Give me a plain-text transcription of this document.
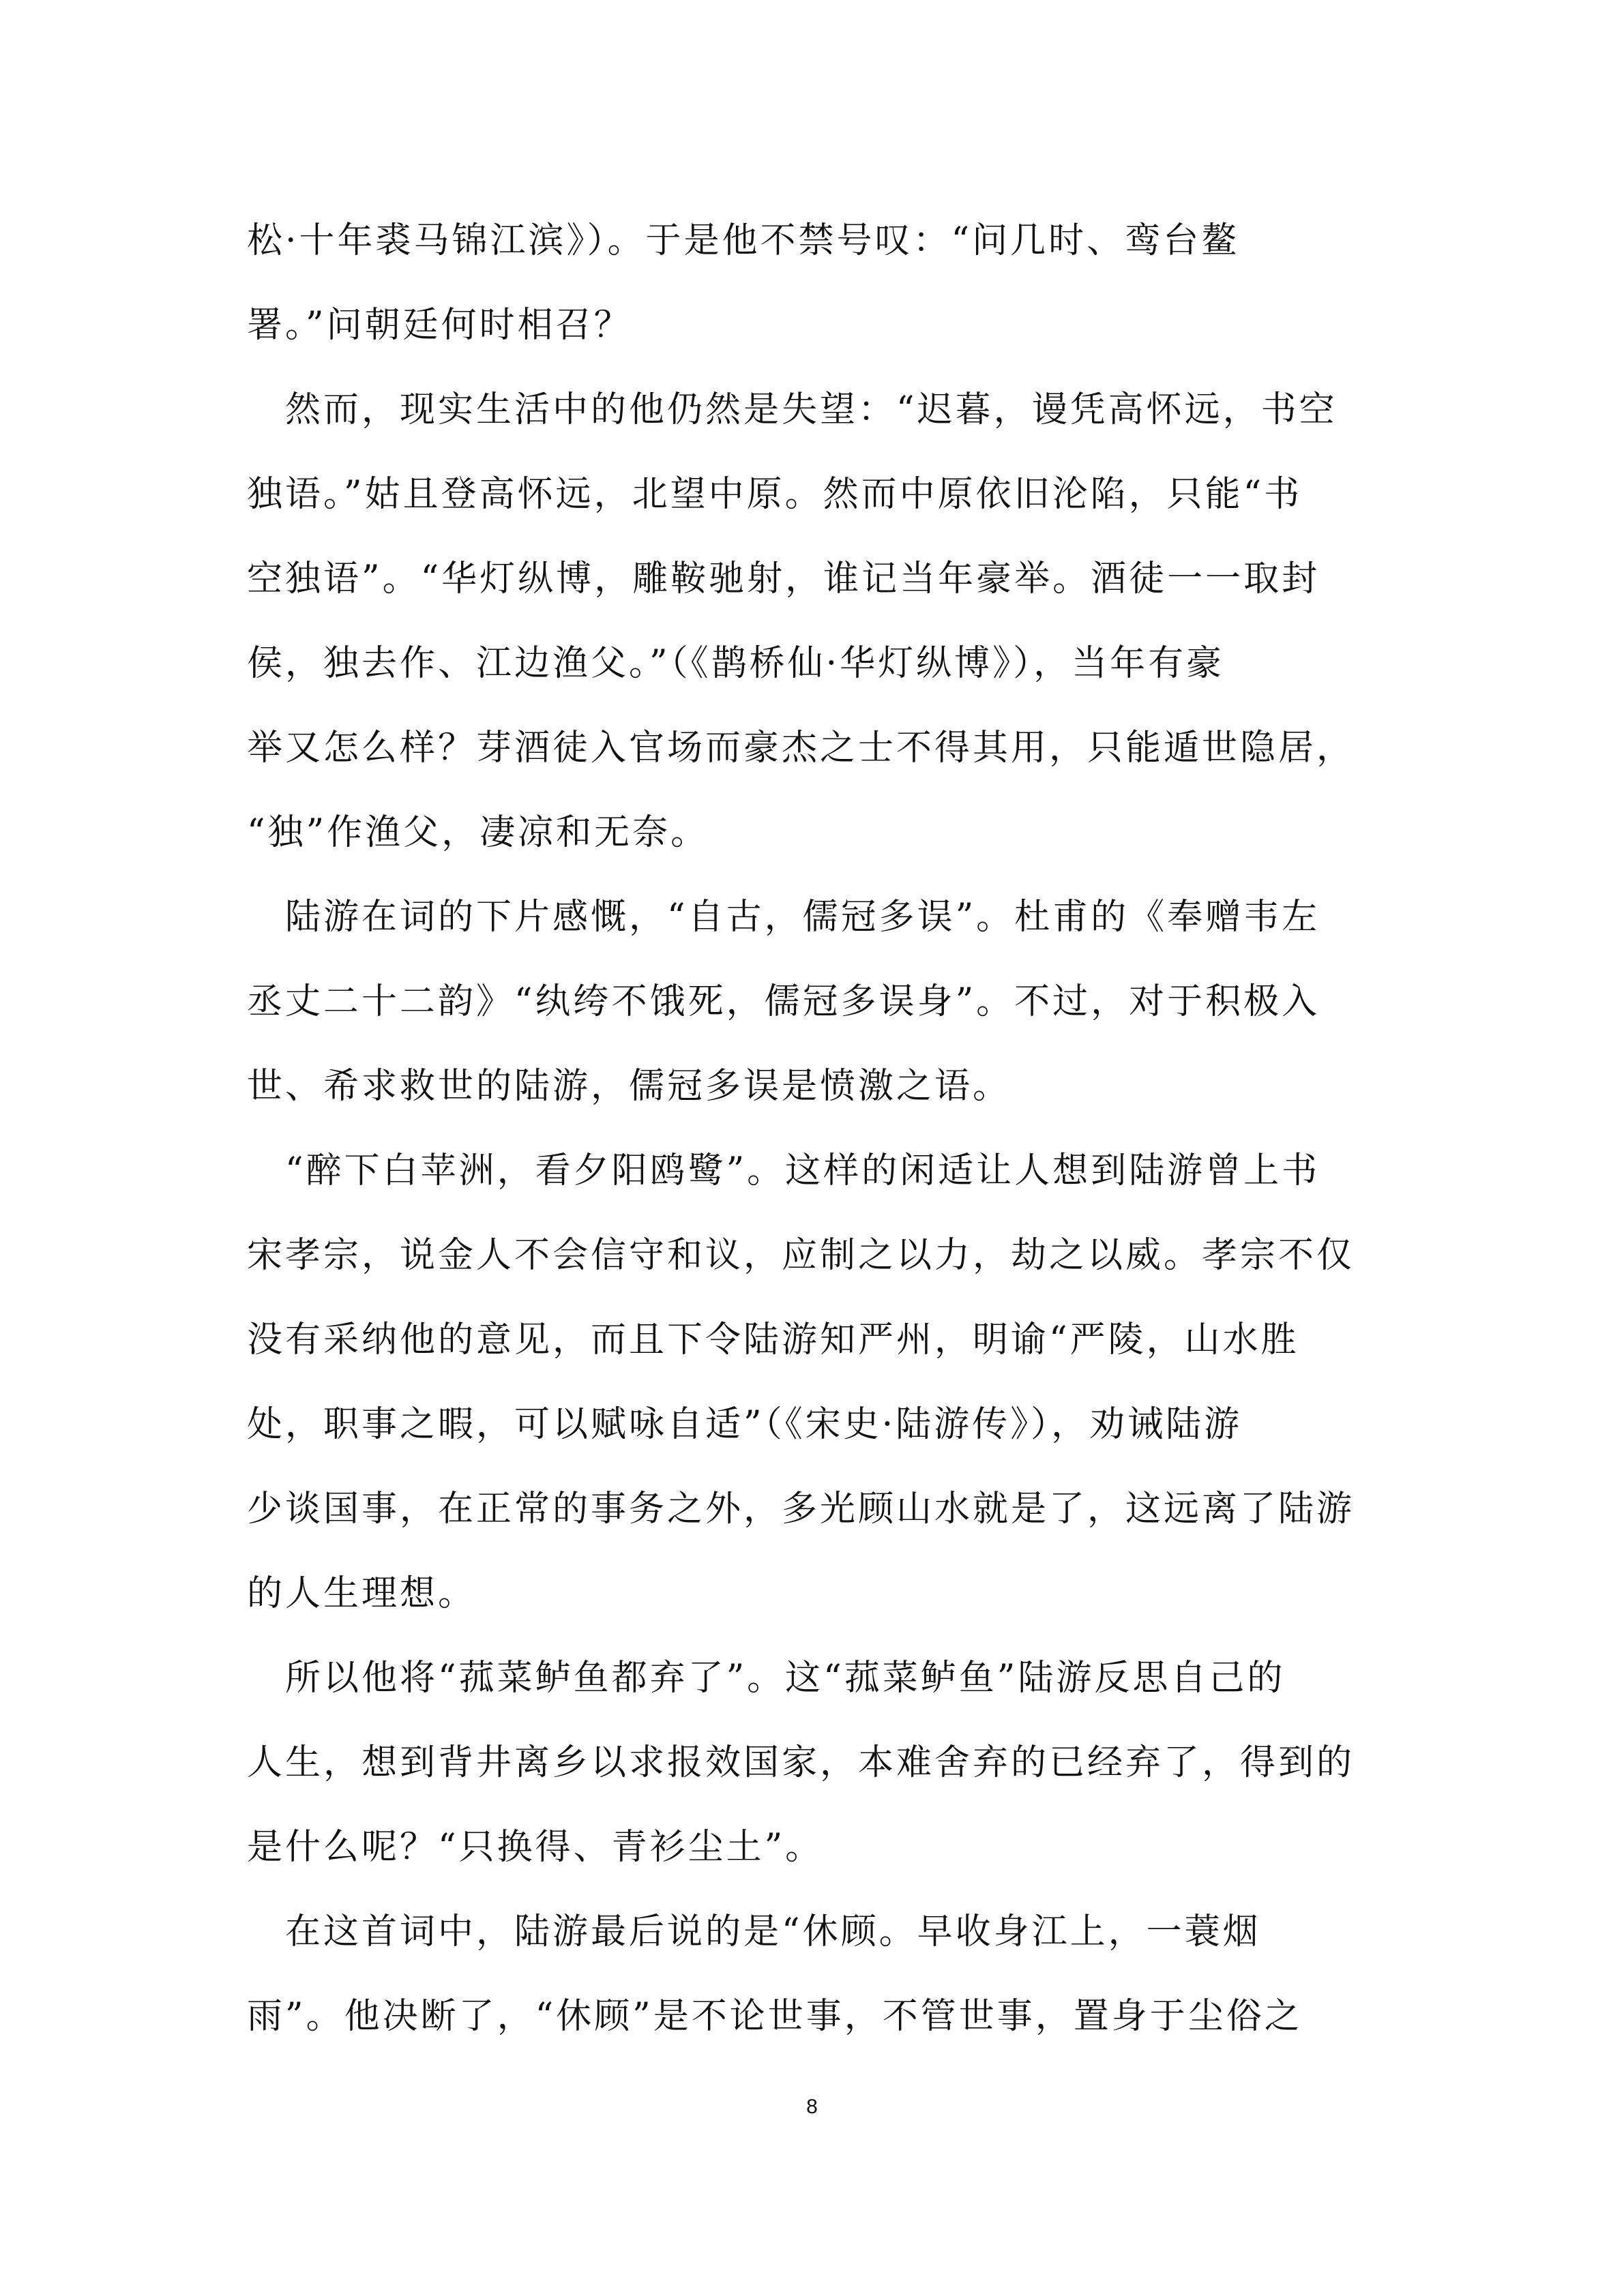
松·十年裘马锦江滨》）。于是他不禁号叹：“问几时、鸾台鳌
署。”问朝廷何时相召？
　然而，现实生活中的他仍然是失望：“迟暮，谩凭高怀远，书空
独语。”姑且登高怀远，北望中原。然而中原依旧沦陷，只能“书
空独语”。“华灯纵博，雕鞍驰射，谁记当年豪举。酒徒一一取封
侯，独去作、江边渔父。”（《鹊桥仙·华灯纵博》），当年有豪
举又怎么样？芽酒徒入官场而豪杰之士不得其用，只能遁世隐居，
“独”作渔父，凄凉和无奈。
　陆游在词的下片感慨，“自古，儒冠多误”。杜甫的《奉赠韦左
丞丈二十二韵》“纨绔不饿死，儒冠多误身”。不过，对于积极入
世、希求救世的陆游，儒冠多误是愤激之语。
　“醉下白苹洲，看夕阳鸥鹭”。这样的闲适让人想到陆游曾上书
宋孝宗，说金人不会信守和议，应制之以力，劫之以威。孝宗不仅
没有采纳他的意见，而且下令陆游知严州，明谕“严陵，山水胜
处，职事之暇，可以赋咏自适”（《宋史·陆游传》），劝诫陆游
少谈国事，在正常的事务之外，多光顾山水就是了，这远离了陆游
的人生理想。
　所以他将“菰菜鲈鱼都弃了”。这“菰菜鲈鱼”陆游反思自己的
人生，想到背井离乡以求报效国家，本难舍弃的已经弃了，得到的
是什么呢？“只换得、青衫尘土”。
　在这首词中，陆游最后说的是“休顾。早收身江上，一蓑烟
雨”。他决断了，“休顾”是不论世事，不管世事，置身于尘俗之
8
